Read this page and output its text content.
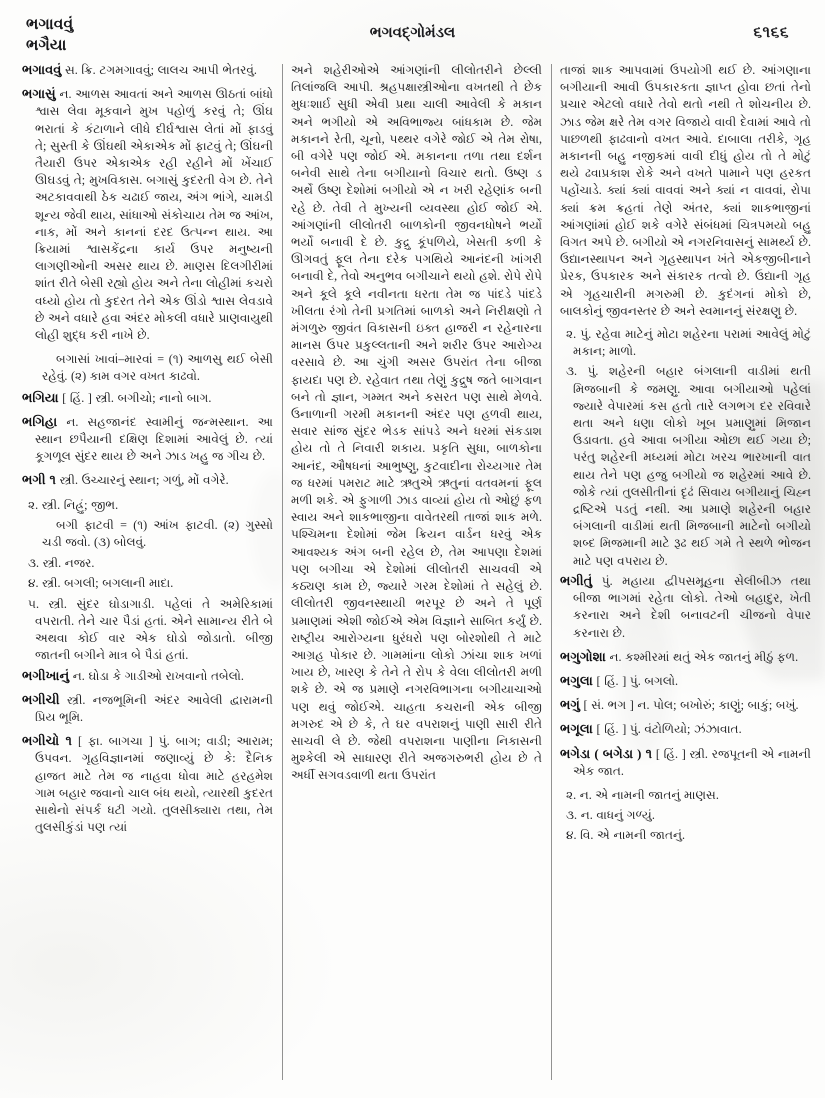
ભગાવવું
ભગૈયા
ભગવદ્ગોમંડલ	૬૧૬૬

ભગાવવું સ. ક્રિ. ટગમગાવવું; લાલચ આપી ભેતરવું.

ભગાસું ન. આળસ આવતાં અને આળસ ઊઠતાં બાંધો શ્વાસ લેવા મૂકવાને મુખ પહોળું કરવું તે; ઊંઘ ભરાતાં કે કંટાળાને લીધે દીર્ઘશ્વાસ લેતાં મોં ફાડવું તે; સુસ્તી કે ઊંઘથી એકાએક મોં ફાટવું તે; ઊંઘની તૈયારી ઉપર એકાએક રહી રહીને મોં ખેંચાઈ ઊઘડવું તે; મુખવિકાસ. બગાસું કુદરતી વેગ છે. તેને અટકાવવાથી ઠેક ચઢાઈ જાય, અંગ ભાંગે, ચામડી શૂન્ય જેવી થાય, સાંધાઓ સંકોચાય તેમ જ આંખ, નાક, મોં અને કાનનાં દરદ ઉત્પન્ન થાય. આ ક્રિયામાં શ્વાસકેંદ્રના કાર્ય ઉપર મનુષ્યની લાગણીઓની અસર થાય છે. માણસ દિલગીરીમાં શાંત રીતે બેસી રહ્યો હોય અને તેના લોહીમાં કચરો વધ્યો હોય તો કુદરત તેને એક ઊંડો શ્વાસ લેવડાવે છે અને વધારે હવા અંદર મોકલી વધારે પ્રાણવાયુથી લોહી શુદ્ધ કરી નાખે છે.

બગાસાં ખાવાં–મારવાં = (૧) આળસુ થઈ બેસી રહેવું. (૨) કામ વગર વખત કાઢવો.

ભગિયા [ હિં. ] સ્ત્રી. બગીચો; નાનો બાગ.

ભગિહા ન. સહજાનંદ સ્વામીનું જન્મસ્થાન. આ સ્થાન છપૈયાની દક્ષિણ દિશામાં આવેલું છે. ત્યાં કૂગળૂલ સુંદર થાય છે અને ઝાડ ખહુ જ ગીચ છે.

ભગી ૧ સ્ત્રી. ઉચ્ચારનું સ્થાન; ગળું, મોં વગેરે.

૨. સ્ત્રી. નિહ્રું; જીભ.

બગી ફાટવી = (૧) આંખ ફાટવી. (૨) ગુસ્સો ચડી જવો. (૩) બોલવું.

૩. સ્ત્રી. નજર.

૪. સ્ત્રી. બગલી; બગલાની માદા.

૫. સ્ત્રી. સુંદર ઘોડાગાડી. પહેલાં તે અમેરિકામાં વપરાતી. તેને ચાર પૈડાં હતાં. એને સામાન્ય રીતે બે અથવા કોઈ વાર એક ઘોડો જોડાતો. બીજી જાતની બગીને માત્ર બે પૈડાં હતાં.

ભગીખાનું ન. ઘોડા કે ગાડીઓ રાખવાનો તબેલો.

ભગીચી સ્ત્રી. નજભૂમિની અંદર આવેલી દ્વારામની પ્રિય ભૂમિ.

ભગીચો ૧ [ ફા. બાગચા ] પું. બાગ; વાડી; આરામ; ઉપવન. ગૃહવિજ્ઞાનમાં જણાવ્યું છે કે: દૈનિક હાજત માટે તેમ જ નાહવા ધોવા માટે હરહમેશ ગામ બહાર જવાનો ચાલ બંધ થયો, ત્યારથી કુદરત સાથેનો સંપર્ક ધટી ગયો. તુલસીક્યારા તથા, તેમ તુલસીકુંડાં પણ ત્યાં

અને શહેરીઓએ આંગણાંની લીલોતરીને છેલ્લી તિલાંજલિ આપી. શ્રહપક્ષાસ્ત્રીઓના વખતથી તે છેક મુધઃશાર્ઇ સુધી એવી પ્રથા ચાલી આવેલી કે મકાન અને ભગીયો એ અવિભાજ્ય બાંધકામ છે. જેમ મકાનને રેતી, ચૂનો, પથ્થર વગેરે જોઈ એ તેમ રોષા, બી વગેરે પણ જોઈ એ. મકાનના તળા તથા દર્શન બનેવી સાથે તેના બગીયાનો વિચાર થતો. ઉષ્ણ ડ અર્થે ઉષ્ણ દેશોમાં બગીયો એ ન ખરી રહેણાંક બની રહે છે. તેવી તે મુખ્યની વ્યવસ્થા હોઈ જોઈ એ. આંગણાંની લીલોતરી બાળકોની જીવનધોષને ભર્યો ભર્યો બનાવી દે છે. કુદ્રુ કૂંપળિયે, ખેસતી કળી કે ઊગવતું ફૂલ તેના દરેક પગથિયે આનંદની ખાંગરી બનાવી દે, તેવો અનુભવ બગીચાને થયો હશે. રોપે રોપે અને કૂલે કૂલે નવીનતા ધરતા તેમ જ પાંદડે પાંદડે ખીલતા રંગો તેની પ્રગતિમાં બાળકો અને નિરીક્ષણો તે મંગળુરુ જીવંત વિકાસની ઇક્ત હાજરી ન રહેનારના માનસ ઉપર પ્રકુલ્લતાની અને શરીર ઉપર આરોગ્ય વરસાવે છે. આ ચુંગી અસર ઉપરાંત તેના બીજા ફાયદા પણ છે. રહેવાત તથા તેણું કુદ્રુષ જતે બાગવાન બને તો જ્ઞાન, ગમ્મત અને કસરત પણ સાથે મેળવે. ઉનાળાની ગરમી મકાનની અંદર પણ હળવી થાય, સવાર સાંજ સુંદર ભેડક સાંપડે અને ધરમાં સંકડાશ હોય તો તે નિવારી શકાય. પ્રકૃતિ સુધા, બાળકોના આનંદ, ઔષધનાં આભુષ્ણુ, કુટવાદીના રોચ્યગાર તેમ જ ધરમાં પમરાટ માટે ઋતુએ ઋતુનાં વતવમનાં ફૂલ મળી શકે. એ ફુગાળી ઝાડ વાવ્યાં હોય તો ઓછું ફળ સ્વાય અને શાકભાજીના વાવેતરથી તાજાં શાક મળે. પશ્ચિમના દેશોમાં જેમ ક્રિયન વાર્ડન ધરવું એક આવશ્યક અંગ બની રહેલ છે, તેમ આપણા દેશમાં પણ બગીચા એ દેશોમાં લીલોતરી સાચવવી એ કઠ્યણ કામ છે, જ્યારે ગરમ દેશોમાં તે સહેલું છે. લીલોતરી જીવનસ્થાયી ભરપૂર છે અને તે પૂર્ણ પ્રમાણમાં એશી જોઈએ એમ વિજ્ઞાને સાબિત કર્યું છે. રાષ્ટ્રીય આરોગ્યના ધુરંધરો પણ બોરશોથી તે માટે આગ્રહ પોકાર છે. ગામમાંના લોકો ઝાંચા શાક ખળાં ખાય છે, ખારણ કે તેને તે રોપ કે વેલા લીલોતરી મળી શકે છે. એ જ પ્રમાણે નગરવિભાગના બગીયાચાઓ પણ થવું જોઈએ. ચાહતા કચરાની એક બીજી મગરુદ એ છે કે, તે ઘર વપરાશનું પાણી સારી રીતે સાચવી લે છે. જેથી વપરાશના પાણીના નિકાસની મુશ્કેલી એ સાધારણ રીતે અજગરુભરી હોય છે તે અર્ધી સગવડવાળી થતા ઉપરાંત

તાજાં શાક આપવામાં ઉપયોગી થઈ છે. આંગણાના બગીયાની આવી ઉપકારકતા જ્ઞાપ્ત હોવા છતાં તેનો પ્રચાર એટલો વધારે તેવો થતો નથી તે શોચનીય છે. ઝાડ જેમ ક્ષરે તેમ વગર વિજાયે વાવી દેવામાં આવે તો પાછળથી ફાઢવાનો વખત આવે. દાબાલા તરીકે, ગૃહ મકાનની બહુ નજીકમાં વાવી દીધું હોય તો તે મોટું થયે ઢવાપ્રકાશ રોકે અને વખતે પામાને પણ હરકત પહોંચાડે. ક્યાંં ક્યાં વાવવાં અને ક્યાં ન વાવવાં, રોપા ક્યાં ક્રમ ક્રહતાં તેણે અંતર, ક્યાં શાકભાજીનાં આંગણાંમાં હોઈ શકે વગેરે સંબંધમાં ચિત્રપમયો બહુ વિગત અપે છે. બગીયો એ નગરનિવાસનું સામર્થ્ય છે. ઉદ્યાનસ્થાપન અને ગૃહસ્થાપન ખંતે એકજીબીનાને પ્રેરક, ઉપકારક અને સંકારક તત્વો છે. ઉદ્યાની ગૃહ એ ગૃહચારીની મગરુમી છે. કુદંગનાં મોકો છે, બાલકોનું જીવનસ્તર છે અને સ્વમાનનું સંરક્ષણુ છે.

૨. પું. રહેવા માટેનું મોટા શહેરના પરામાં આવેલું મોટું મકાન; માળો.

૩. પું. શહેરની બહાર બંગલાની વાડીમાં થતી મિજબાની કે જમણુ. આવા બગીયાઓ પહેલાં જ્યારે વેપારમાં કસ હતો તારે લગભગ દર રવિવારે થતા અને ધણા લોકો ખૂબ પ્રમાણુમાં મિજાન ઉડાવતા. હવે આવા બગીયા ઓછા થઈ ગયા છે; પરંતુ શહેરની મધ્યમાં મોટા ખરચ ભારખાની વાત થાય તેને પણ હજુ બગીયો જ શહેરમાં આવે છે. જોકે ત્યાં તુલસીતીનાં દૃઢં સિવાય બગીયાનું ચિહ્ન દ્રષ્ટિએ પડતું નથી. આ પ્રમાણે શહેરની બહાર બંગલાની વાડીમાં થતી મિજબાની માટેનો બગીયો શબ્દ મિજમાની માટે રૂઢ થઈ ગમે તે સ્થળે ભોજન માટે પણ વપરાય છે.

ભગીતું પું. મહાયા દ્વીપસમૂહના સેલીબીઝ તથા બીજા ભાગમાં રહેતા લોકો. તેઓ બહાદુર, ખેતી કરનારા અને દેશી બનાવટની ચીજનો વેપાર કરનારા છે.

ભગુગોશા ન. કશ્મીરમાં થતું એક જાતનું મીઠું ફળ.

ભગુલા [ હિં. ] પું. બગલો.

ભગું [ સં. ભગ ] ન. પોલ; બખોરું; કાણું; બાકું; બખું.

ભગૂલા [ હિં. ] પું. વંટોળિયો; ઝંઝાવાત.

ભગેડા ( બગેડા ) ૧ [ હિં. ] સ્ત્રી. રજપૂતની એ નામની એક જાત.

૨. ન. એ નામની જાતનું માણસ.

૩. ન. વાધનું ગળ્યું.

૪. વિ. એ નામની જાતનું.
